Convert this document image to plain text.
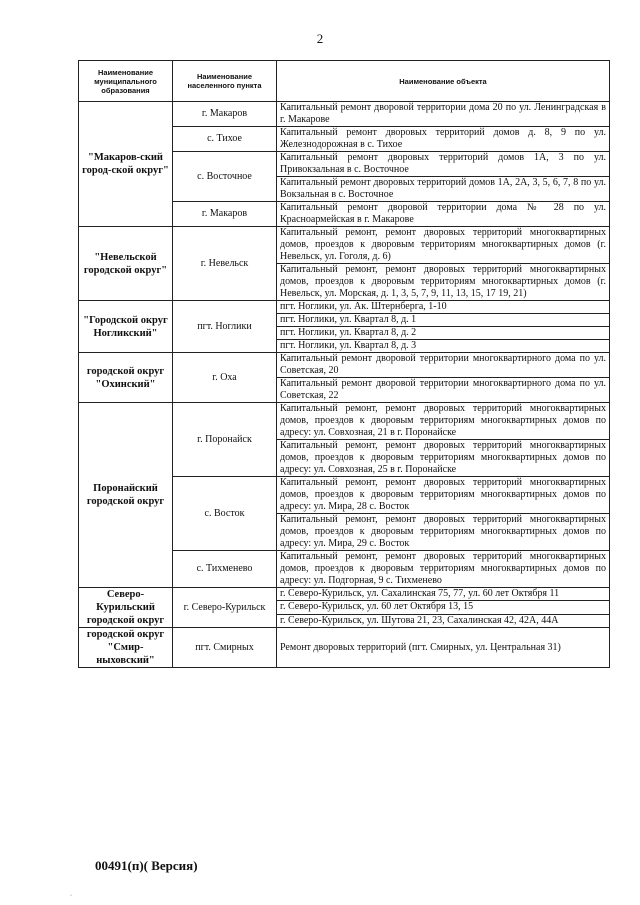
2
Наименование муниципального образования	Наименование населенного пункта	Наименование объекта
"Макаров-ский город-ской округ"	г. Макаров	Капитальный ремонт дворовой территории дома 20 по ул. Ленинградская в г. Макарове
	с. Тихое	Капитальный ремонт дворовых территорий домов д. 8, 9 по ул. Железнодорожная в с. Тихое
	с. Восточное	Капитальный ремонт дворовых территорий домов 1А, 3 по ул. Привокзальная в с. Восточное
		Капитальный ремонт дворовых территорий домов 1А, 2А, 3, 5, 6, 7, 8 по ул. Вокзальная в с. Восточное
	г. Макаров	Капитальный ремонт дворовой территории дома № 28 по ул. Красноармейская в г. Макарове
"Невельской городской округ"	г. Невельск	Капитальный ремонт, ремонт дворовых территорий многоквартирных домов, проездов к дворовым территориям многоквартирных домов (г. Невельск, ул. Гоголя, д. 6)
		Капитальный ремонт, ремонт дворовых территорий многоквартирных домов, проездов к дворовым территориям многоквартирных домов (г. Невельск, ул. Морская, д. 1, 3, 5, 7, 9, 11, 13, 15, 17 19, 21)
"Городской округ Ногликский"	пгт. Ноглики	пгт. Ноглики, ул. Ак. Штернберга, 1-10
		пгт. Ноглики, ул. Квартал 8, д. 1
		пгт. Ноглики, ул. Квартал 8, д. 2
		пгт. Ноглики, ул. Квартал 8, д. 3
городской округ "Охинский"	г. Оха	Капитальный ремонт дворовой территории многоквартирного дома по ул. Советская, 20
		Капитальный ремонт дворовой территории многоквартирного дома по ул. Советская, 22
Поронайский городской округ	г. Поронайск	Капитальный ремонт, ремонт дворовых территорий многоквартирных домов, проездов к дворовым территориям многоквартирных домов по адресу: ул. Совхозная, 21 в г. Поронайске
		Капитальный ремонт, ремонт дворовых территорий многоквартирных домов, проездов к дворовым территориям многоквартирных домов по адресу: ул. Совхозная, 25 в г. Поронайске
	с. Восток	Капитальный ремонт, ремонт дворовых территорий многоквартирных домов, проездов к дворовым территориям многоквартирных домов по адресу: ул. Мира, 28 с. Восток
		Капитальный ремонт, ремонт дворовых территорий многоквартирных домов, проездов к дворовым территориям многоквартирных домов по адресу: ул. Мира, 29 с. Восток
	с. Тихменево	Капитальный ремонт, ремонт дворовых территорий многоквартирных домов, проездов к дворовым территориям многоквартирных домов по адресу: ул. Подгорная, 9 с. Тихменево
Северо-Курильский городской округ	г. Северо-Курильск	г. Северо-Курильск, ул. Сахалинская 75, 77, ул. 60 лет Октября 11
		г. Северо-Курильск, ул. 60 лет Октября 13, 15
		г. Северо-Курильск, ул. Шутова 21, 23, Сахалинская 42, 42А, 44А
городской округ "Смир-ныховский"	пгт. Смирных	Ремонт дворовых территорий (пгт. Смирных, ул. Центральная 31)
00491(п)( Версия)
·
